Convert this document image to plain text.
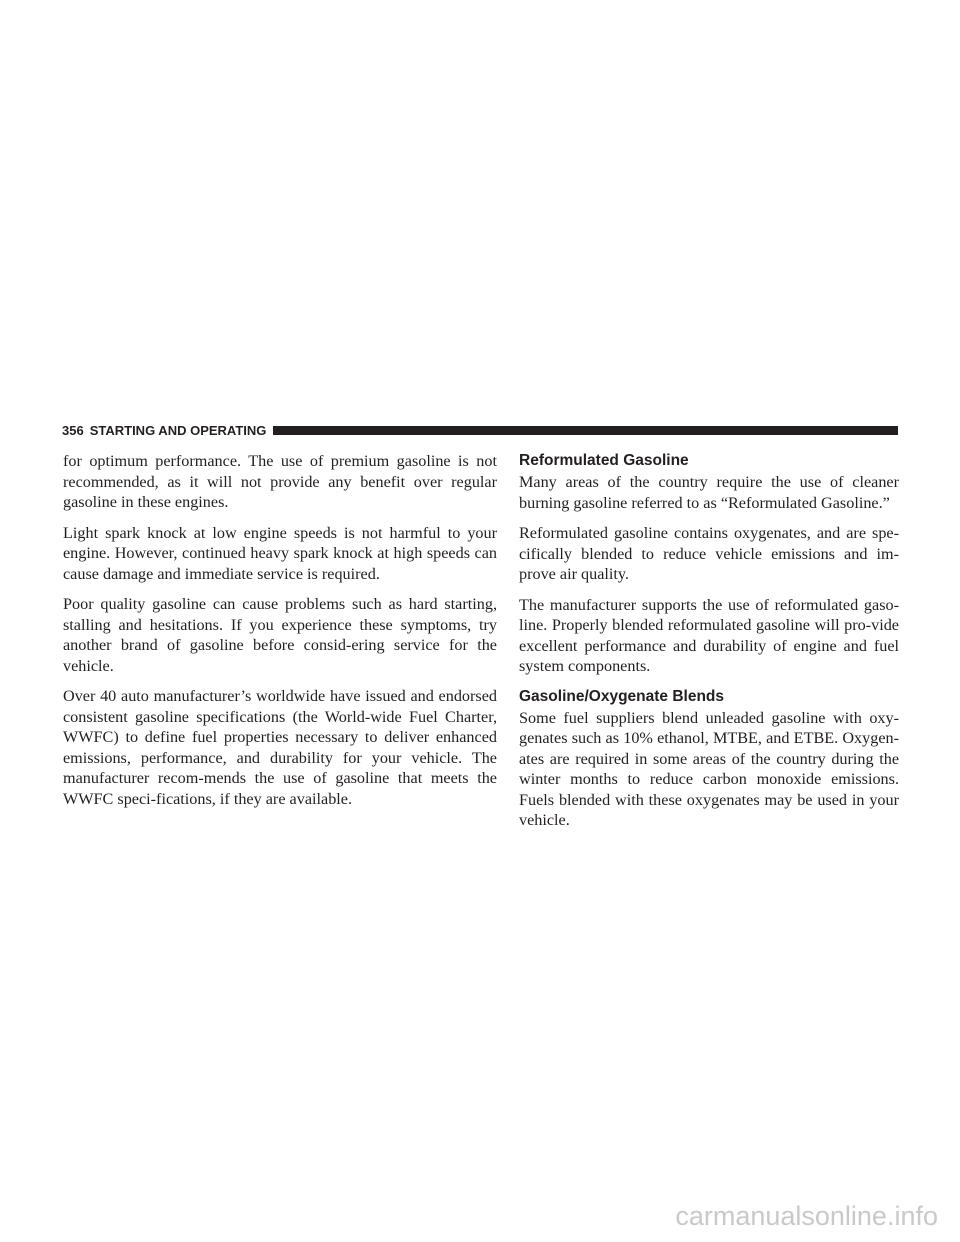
356 STARTING AND OPERATING

for optimum performance. The use of premium gasoline is not recommended, as it will not provide any benefit over regular gasoline in these engines.

Light spark knock at low engine speeds is not harmful to your engine. However, continued heavy spark knock at high speeds can cause damage and immediate service is required.

Poor quality gasoline can cause problems such as hard starting, stalling and hesitations. If you experience these symptoms, try another brand of gasoline before consid-ering service for the vehicle.

Over 40 auto manufacturer’s worldwide have issued and endorsed consistent gasoline specifications (the World-wide Fuel Charter, WWFC) to define fuel properties necessary to deliver enhanced emissions, performance, and durability for your vehicle. The manufacturer recom-mends the use of gasoline that meets the WWFC speci-fications, if they are available.

Reformulated Gasoline

Many areas of the country require the use of cleaner burning gasoline referred to as “Reformulated Gasoline.”

Reformulated gasoline contains oxygenates, and are spe-cifically blended to reduce vehicle emissions and im-prove air quality.

The manufacturer supports the use of reformulated gaso-line. Properly blended reformulated gasoline will pro-vide excellent performance and durability of engine and fuel system components.

Gasoline/Oxygenate Blends

Some fuel suppliers blend unleaded gasoline with oxy-genates such as 10% ethanol, MTBE, and ETBE. Oxygen-ates are required in some areas of the country during the winter months to reduce carbon monoxide emissions. Fuels blended with these oxygenates may be used in your vehicle.

carmanualsonline.info
